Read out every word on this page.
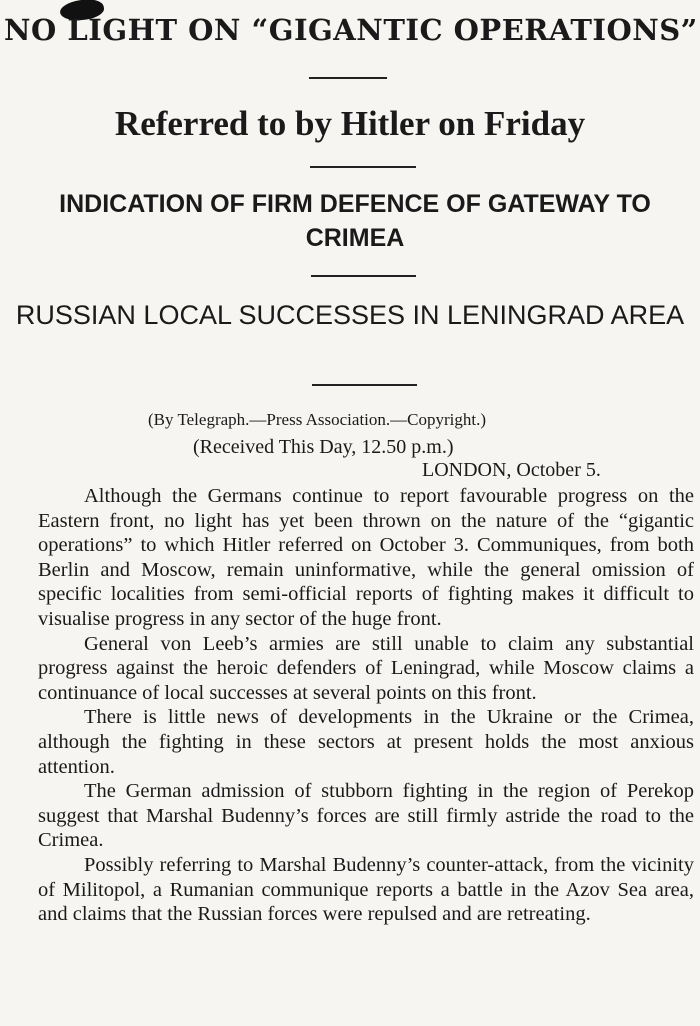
NO LIGHT ON “GIGANTIC OPERATIONS”
Referred to by Hitler on Friday
INDICATION OF FIRM DEFENCE OF GATEWAY TO CRIMEA
RUSSIAN LOCAL SUCCESSES IN LENINGRAD AREA
(By Telegraph.—Press Association.—Copyright.)
(Received This Day, 12.50 p.m.)
LONDON, October 5.

Although the Germans continue to report favourable progress on the Eastern front, no light has yet been thrown on the nature of the “gigantic operations” to which Hitler referred on October 3. Communiques, from both Berlin and Moscow, remain uninformative, while the general omission of specific localities from semi-official reports of fighting makes it difficult to visualise progress in any sector of the huge front.

General von Leeb’s armies are still unable to claim any substantial progress against the heroic defenders of Leningrad, while Moscow claims a continuance of local successes at several points on this front.

There is little news of developments in the Ukraine or the Crimea, although the fighting in these sectors at present holds the most anxious attention.

The German admission of stubborn fighting in the region of Perekop suggest that Marshal Budenny’s forces are still firmly astride the road to the Crimea.

Possibly referring to Marshal Budenny’s counter-attack, from the vicinity of Militopol, a Rumanian communique reports a battle in the Azov Sea area, and claims that the Russian forces were repulsed and are retreating.
